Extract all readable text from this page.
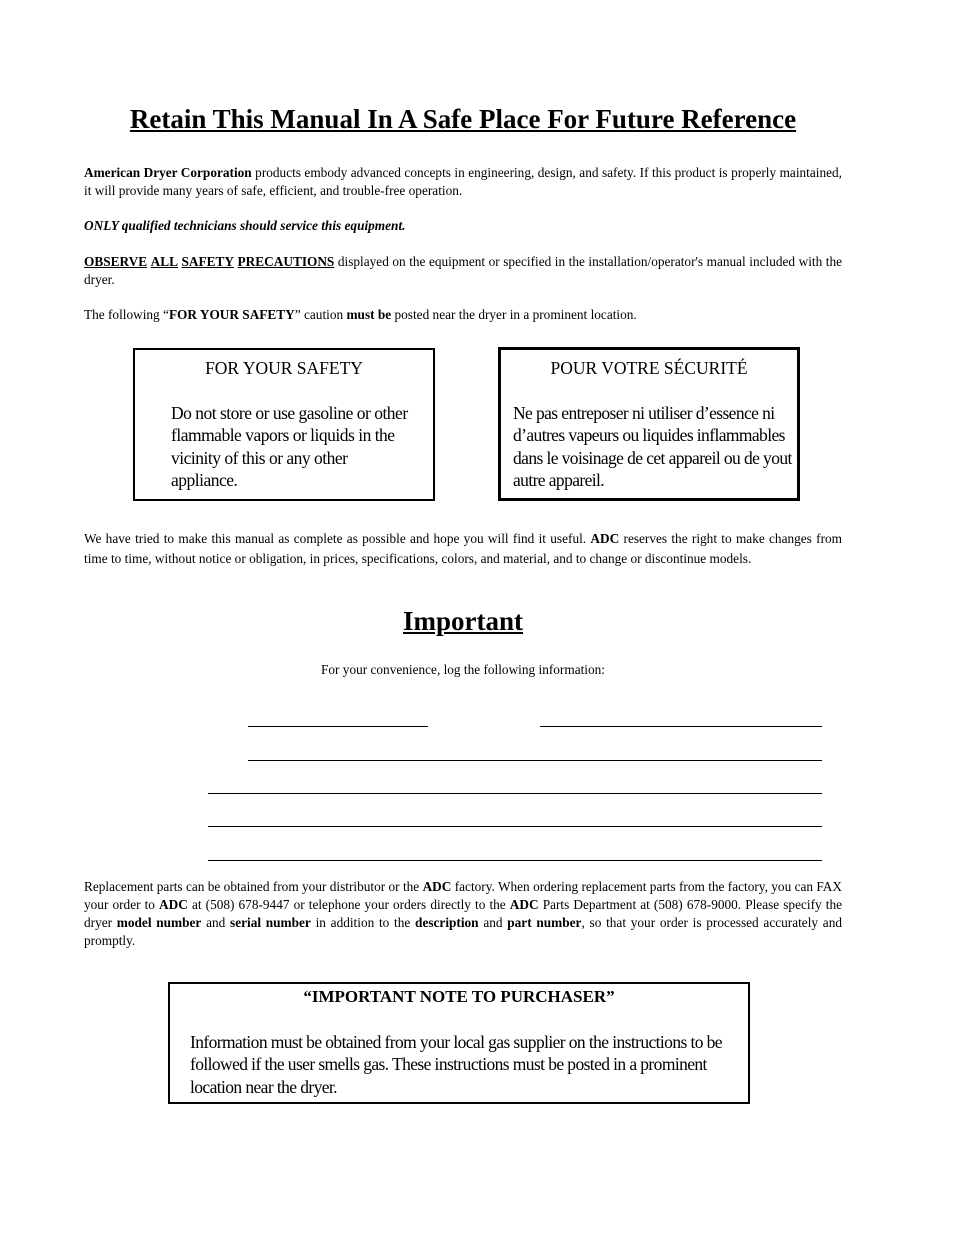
Retain This Manual In A Safe Place For Future Reference
American Dryer Corporation products embody advanced concepts in engineering, design, and safety. If this product is properly maintained, it will provide many years of safe, efficient, and trouble-free operation.
ONLY qualified technicians should service this equipment.
OBSERVE ALL SAFETY PRECAUTIONS displayed on the equipment or specified in the installation/operator's manual included with the dryer.
The following “FOR YOUR SAFETY” caution must be posted near the dryer in a prominent location.
FOR YOUR SAFETY
Do not store or use gasoline or other flammable vapors or liquids in the vicinity of this or any other appliance.
POUR VOTRE SÉCURITÉ
Ne pas entreposer ni utiliser d’essence ni d’autres vapeurs ou liquides inflammables dans le voisinage de cet appareil ou de yout autre appareil.
We have tried to make this manual as complete as possible and hope you will find it useful. ADC reserves the right to make changes from time to time, without notice or obligation, in prices, specifications, colors, and material, and to change or discontinue models.
Important
For your convenience, log the following information:
Replacement parts can be obtained from your distributor or the ADC factory. When ordering replacement parts from the factory, you can FAX your order to ADC at (508) 678-9447 or telephone your orders directly to the ADC Parts Department at (508) 678-9000. Please specify the dryer model number and serial number in addition to the description and part number, so that your order is processed accurately and promptly.
“IMPORTANT NOTE TO PURCHASER”
Information must be obtained from your local gas supplier on the instructions to be followed if the user smells gas. These instructions must be posted in a prominent location near the dryer.
